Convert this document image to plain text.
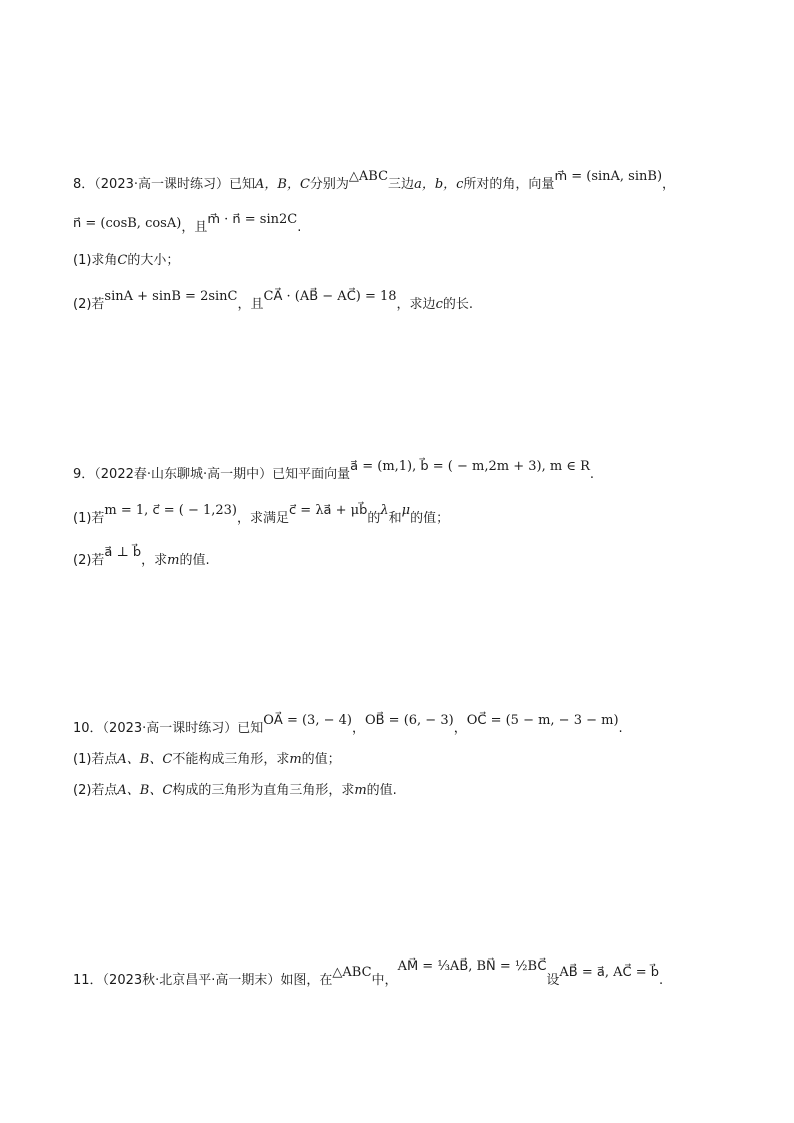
8．（2023·高一课时练习）已知A，B，C分别为△ABC三边a，b，c所对的角，向量m⃗ = (sinA, sinB)，
n⃗ = (cosB, cosA)，且m⃗ · n⃗ = sin2C.
(1)求角C的大小；
(2)若sinA + sinB = 2sinC，且CA⃗ · (AB⃗ − AC⃗) = 18，求边c的长.
9．（2022春·山东聊城·高一期中）已知平面向量a⃗ = (m,1), b⃗ = ( − m,2m + 3), m ∈ R.
(1)若m = 1, c⃗ = ( − 1,23)，求满足c⃗ = λa⃗ + μb⃗的λ和μ的值；
(2)若a⃗ ⊥ b⃗，求m的值.
10．（2023·高一课时练习）已知OA⃗ = (3, − 4)，OB⃗ = (6, − 3)，OC⃗ = (5 − m, − 3 − m).
(1)若点A、B、C不能构成三角形，求m的值；
(2)若点A、B、C构成的三角形为直角三角形，求m的值.
11．（2023秋·北京昌平·高一期末）如图，在△ABC中，AM⃗ = ⅓AB⃗, BN⃗ = ½BC⃗设AB⃗ = a⃗, AC⃗ = b⃗.
